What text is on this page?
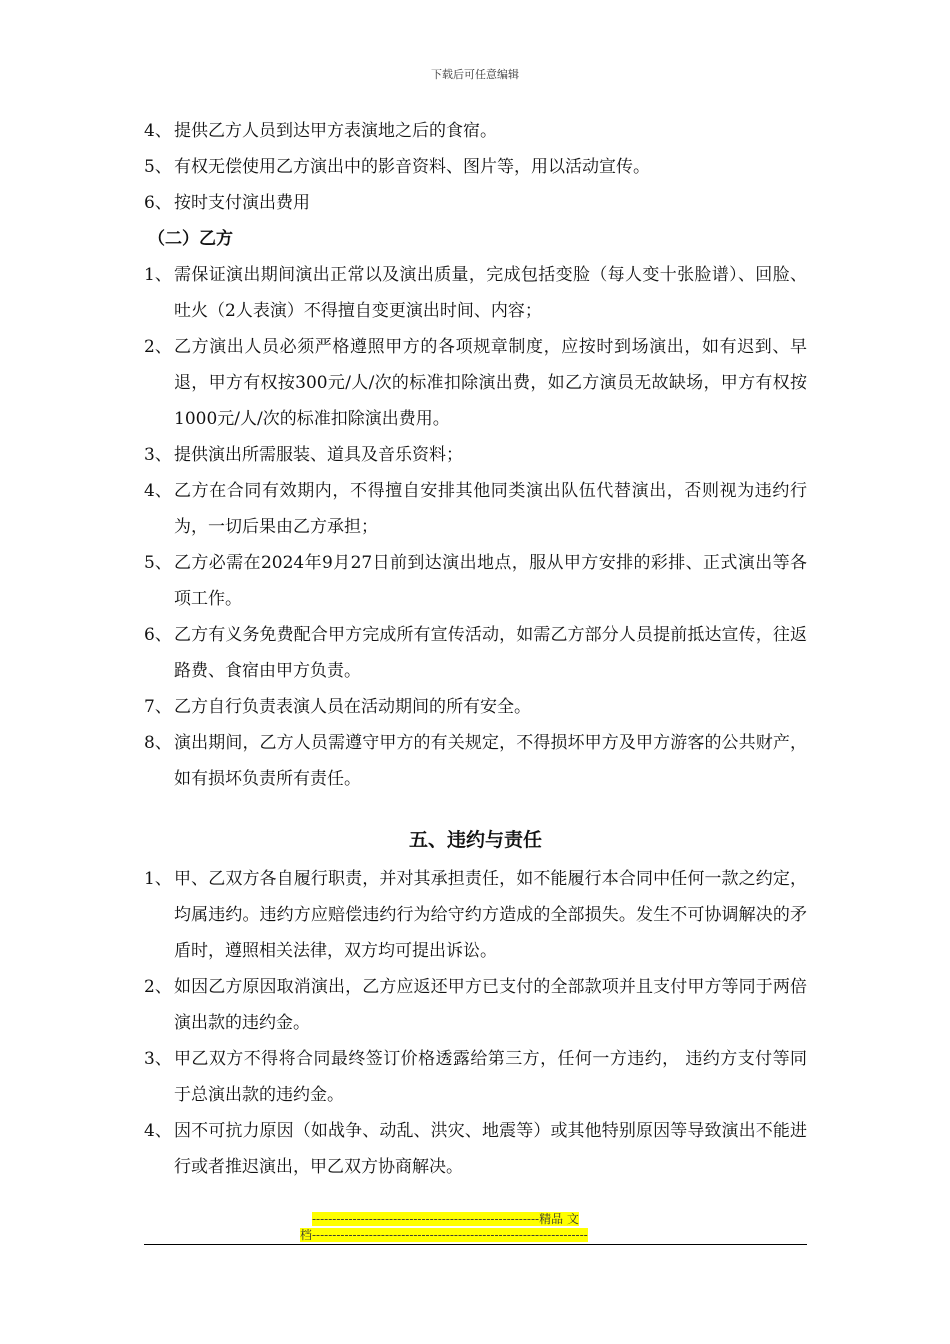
下载后可任意编辑
4、 提供乙方人员到达甲方表演地之后的食宿。
5、 有权无偿使用乙方演出中的影音资料、图片等，用以活动宣传。
6、 按时支付演出费用
（二）乙方
1、 需保证演出期间演出正常以及演出质量，完成包括变脸（每人变十张脸谱）、回脸、吐火（2人表演）不得擅自变更演出时间、内容；
2、 乙方演出人员必须严格遵照甲方的各项规章制度，应按时到场演出，如有迟到、早退，甲方有权按300元/人/次的标准扣除演出费，如乙方演员无故缺场，甲方有权按1000元/人/次的标准扣除演出费用。
3、 提供演出所需服装、道具及音乐资料；
4、 乙方在合同有效期内，不得擅自安排其他同类演出队伍代替演出，否则视为违约行为，一切后果由乙方承担；
5、 乙方必需在2024年9月27日前到达演出地点，服从甲方安排的彩排、正式演出等各项工作。
6、 乙方有义务免费配合甲方完成所有宣传活动，如需乙方部分人员提前抵达宣传，往返路费、食宿由甲方负责。
7、 乙方自行负责表演人员在活动期间的所有安全。
8、 演出期间，乙方人员需遵守甲方的有关规定，不得损坏甲方及甲方游客的公共财产，如有损坏负责所有责任。
五、违约与责任
1、 甲、乙双方各自履行职责，并对其承担责任，如不能履行本合同中任何一款之约定，均属违约。违约方应赔偿违约行为给守约方造成的全部损失。发生不可协调解决的矛盾时，遵照相关法律，双方均可提出诉讼。
2、 如因乙方原因取消演出，乙方应返还甲方已支付的全部款项并且支付甲方等同于两倍演出款的违约金。
3、 甲乙双方不得将合同最终签订价格透露给第三方，任何一方违约， 违约方支付等同于总演出款的违约金。
4、 因不可抗力原因（如战争、动乱、洪灾、地震等）或其他特别原因等导致演出不能进行或者推迟演出，甲乙双方协商解决。
--------------------------------------------------------精品 文
档--------------------------------------------------------------------
